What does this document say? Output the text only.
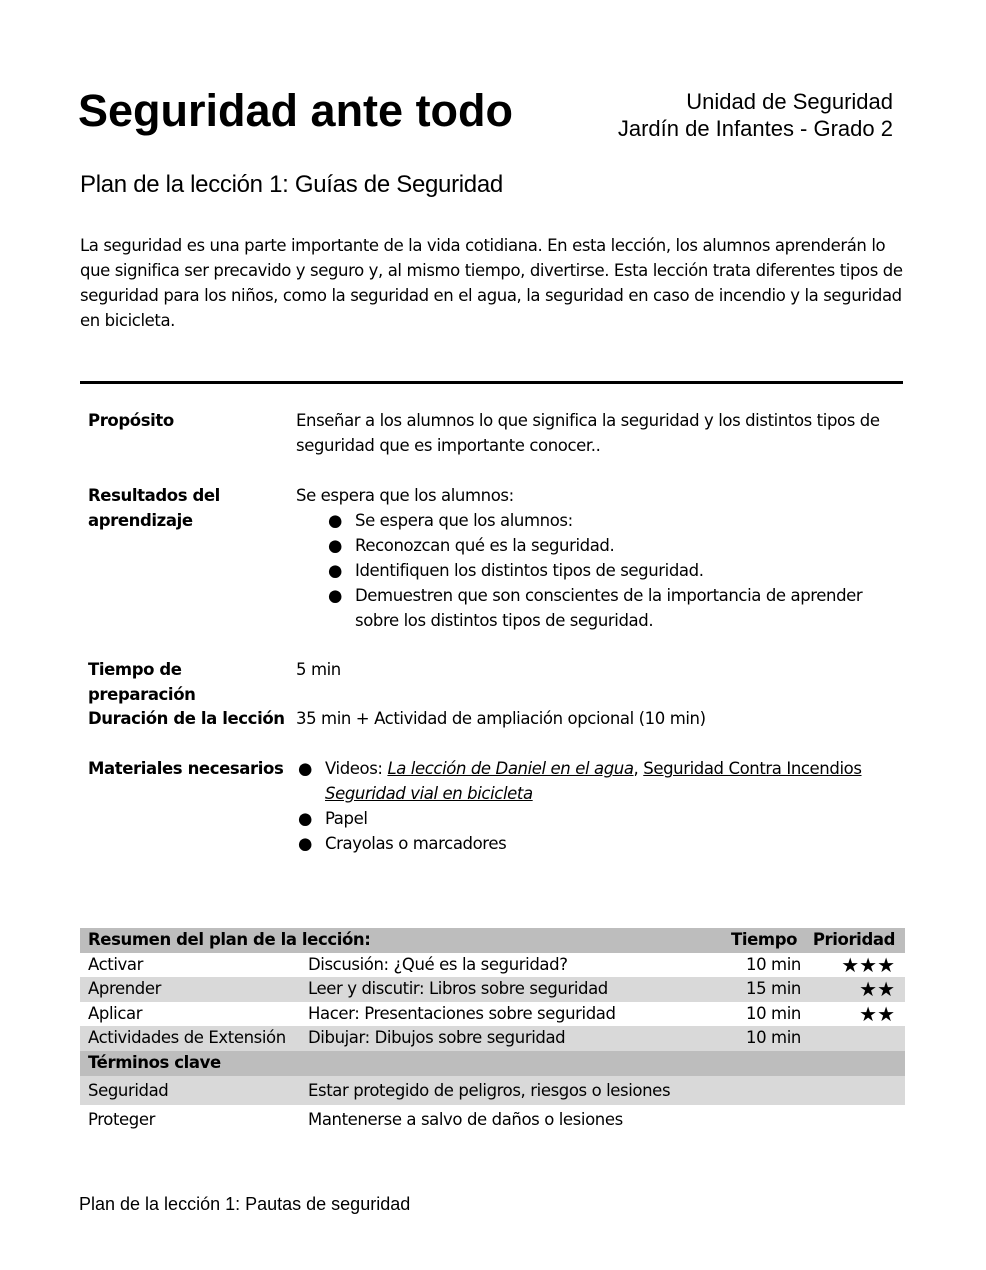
Seguridad ante todo	Unidad de Seguridad
Jardín de Infantes - Grado 2
Plan de la lección 1: Guías de Seguridad

La seguridad es una parte importante de la vida cotidiana. En esta lección, los alumnos aprenderán lo que significa ser precavido y seguro y, al mismo tiempo, divertirse. Esta lección trata diferentes tipos de seguridad para los niños, como la seguridad en el agua, la seguridad en caso de incendio y la seguridad en bicicleta.

Propósito	Enseñar a los alumnos lo que significa la seguridad y los distintos tipos de seguridad que es importante conocer..
Resultados del aprendizaje
Se espera que los alumnos:
● Se espera que los alumnos:
● Reconozcan qué es la seguridad.
● Identifiquen los distintos tipos de seguridad.
● Demuestren que son conscientes de la importancia de aprender sobre los distintos tipos de seguridad.
Tiempo de preparación
5 min
Duración de la lección 35 min + Actividad de ampliación opcional (10 min)
Materiales necesarios ● Videos: La lección de Daniel en el agua, Seguridad Contra Incendios
Seguridad vial en bicicleta
● Papel
● Crayolas o marcadores
Resumen del plan de la lección:	Tiempo Prioridad
Activar	Discusión: ¿Qué es la seguridad?	10 min ★★★
Aprender	Leer y discutir: Libros sobre seguridad	15 min	★★
Aplicar	Hacer: Presentaciones sobre seguridad	10 min	★★
Actividades de Extensión Dibujar: Dibujos sobre seguridad	10 min
Términos clave
Seguridad	Estar protegido de peligros, riesgos o lesiones
Proteger	Mantenerse a salvo de daños o lesiones
Plan de la lección 1: Pautas de seguridad
